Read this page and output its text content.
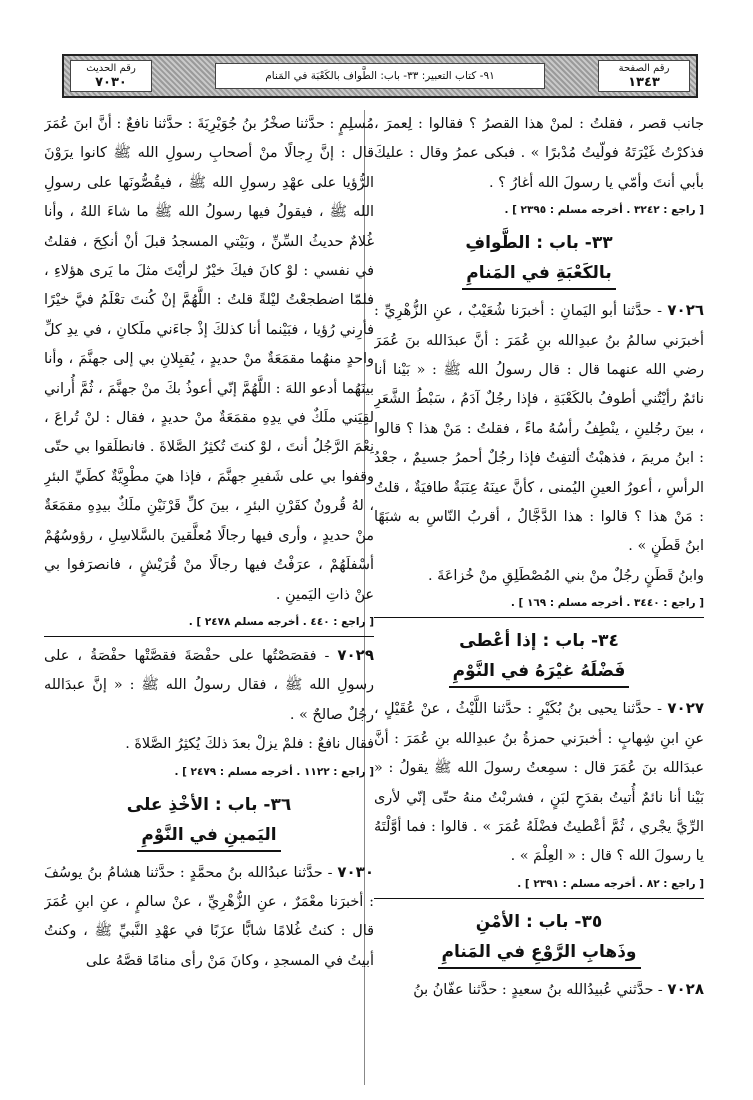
رقم الصفحة
١٣٤٣
٩١- كتاب التعبير: ٣٣- باب: الطَّواف بالكَعْبَة في المَنام
رقم الحديث
٧٠٣٠

جانب قصر ، فقلتُ : لمنْ هذا القصرُ ؟ فقالوا : لِعمرَ ، فذكرْتُ غَيْرَتَهُ فولّيتُ مُدْبرًا » . فبكى عمرُ وقال : عليكَ بأبي أنتَ وأمّي يا رسولَ الله أغارُ ؟ .

[ راجع : ٣٢٤٢ . أخرجه مسلم : ٢٣٩٥ ] .

٣٣- باب : الطَّوافِ
بالكَعْبَةِ في المَنامِ

٧٠٢٦ - حدَّثنا أبو اليَمانِ : أخبرَنا شُعَيْبٌ ، عنِ الزُّهْرِيِّ : أخبرَني سالمُ بنُ عبدِالله بنِ عُمَرَ : أنَّ عبدَالله بنَ عُمَرَ رضي الله عنهما قال : قال رسولُ الله ﷺ : « بَيْنا أنا نائمٌ رأيْتُني أطوفُ بالكَعْبَةِ ، فإذا رجُلٌ آدَمُ ، سَبْطُ الشَّعَرِ ، بينَ رجُلينِ ، ينْطِفُ رأسُهُ ماءً ، فقلتُ : مَنْ هذا ؟ قالوا : ابنُ مريمَ ، فذهبْتُ ألتفِتُ فإذا رجُلٌ أحمرُ جسيمٌ ، جعْدُ الرأسِ ، أعورُ العينِ اليُمنى ، كأنَّ عينَهُ عِنَبَةٌ طافيَةٌ ، قلتُ : مَنْ هذا ؟ قالوا : هذا الدَّجَّالُ ، أقربُ النّاسِ به شبَهًا ابنُ قَطَنٍ » .

وابنُ قَطَنٍ رجُلٌ منْ بني المُصْطَلِقِ منْ خُزاعَةَ .

[ راجع : ٣٤٤٠ . أخرجه مسلم : ١٦٩ ] .

٣٤- باب : إذا أعْطى
فَضْلَهُ غيْرَهُ في النَّوْمِ

٧٠٢٧ - حدَّثنا يحيى بنُ بُكَيْرٍ : حدَّثنا اللَّيْثُ ، عنْ عُقَيْلٍ ، عنِ ابنِ شِهابٍ : أخبرَني حمزةُ بنُ عبدِالله بنِ عُمَرَ : أنَّ عبدَالله بنَ عُمَرَ قال : سمِعتُ رسولَ الله ﷺ يقولُ : « بَيْنا أنا نائمٌ أُتيتُ بقدَحِ لبَنٍ ، فشربْتُ منهُ حتّى إنّي لأرى الرِّيَّ يجْري ، ثُمَّ أعْطيتُ فضْلَهُ عُمَرَ » . قالوا : فما أوَّلْتَهُ يا رسولَ الله ؟ قال : « العِلْمَ » .

[ راجع : ٨٢ . أخرجه مسلم : ٢٣٩١ ] .

٣٥- باب : الأمْنِ
وذَهابِ الرَّوْعِ في المَنامِ

٧٠٢٨ - حدَّثني عُبيدُالله بنُ سعيدٍ : حدَّثنا عفّانُ بنُ

مُسلِمٍ : حدَّثنا صخْرُ بنُ جُوَيْرِيَةَ : حدَّثنا نافعٌ : أنَّ ابنَ عُمَرَ قال : إنَّ رِجالًا منْ أصحابِ رسولِ الله ﷺ كانوا يرَوْنَ الرُّؤيا على عهْدِ رسولِ الله ﷺ ، فيقُصُّونَها على رسولِ الله ﷺ ، فيقولُ فيها رسولُ الله ﷺ ما شاءَ اللهُ ، وأنا غُلامٌ حديثُ السِّنِّ ، وبَيْتي المسجدُ قبلَ أنْ أنكِحَ ، فقلتُ في نفسي : لوْ كانَ فيكَ خيْرٌ لرأيْتَ مثلَ ما يَرى هؤلاءِ ، فلمّا اضطجعْتُ ليْلةً قلتُ : اللَّهُمَّ إنْ كُنتَ تعْلَمُ فيَّ خيْرًا فأرِني رُؤيا ، فبَيْنما أنا كذلكَ إذْ جاءَني ملَكانِ ، في يدِ كلِّ واحدٍ منهُما مقمَعَةٌ منْ حديدٍ ، يُقبِلانِ بي إلى جهنَّمَ ، وأنا بينَهُما أدعو اللهَ : اللَّهُمَّ إنّي أعوذُ بكَ منْ جهنَّمَ ، ثُمَّ أُراني لقِيَني ملَكٌ في يدِهِ مقمَعَةٌ منْ حديدٍ ، فقال : لنْ تُراعَ ، نِعْمَ الرَّجُلُ أنتَ ، لوْ كنتَ تُكثِرُ الصَّلاةَ . فانطلَقوا بي حتّى وقفوا بي على شَفيرِ جهنَّمَ ، فإذا هيَ مطْوِيَّةٌ كطَيِّ البئرِ ، لهُ قُرونٌ كقَرْنِ البئرِ ، بينَ كلِّ قَرْنَيْنِ ملَكٌ بيدِهِ مقمَعَةٌ منْ حديدٍ ، وأرى فيها رجالًا مُعلَّقينَ بالسَّلاسِلِ ، رؤوسُهُمْ أسْفلَهُمْ ، عرَفْتُ فيها رجالًا منْ قُرَيْشٍ ، فانصرَفوا بي عنْ ذاتِ اليَمينِ .

[ راجع : ٤٤٠ . أخرجه مسلم ٢٤٧٨ ] .

٧٠٢٩ - فقصَصْتُها على حفْصَةَ فقصَّتْها حفْصَةُ ، على رسولِ الله ﷺ ، فقال رسولُ الله ﷺ : « إنَّ عبدَالله رجُلٌ صالحٌ » .

فقال نافعٌ : فلمْ يزلْ بعدَ ذلكَ يُكثِرُ الصَّلاةَ .

[ راجع : ١١٢٢ . أخرجه مسلم : ٢٤٧٩ ] .

٣٦- باب : الأخْذِ على
اليَمينِ في النَّوْمِ

٧٠٣٠ - حدَّثنا عبدُالله بنُ محمَّدٍ : حدَّثنا هشامُ بنُ يوسُفَ : أخبرَنا معْمَرٌ ، عنِ الزُّهْرِيِّ ، عنْ سالمٍ ، عنِ ابنِ عُمَرَ قال : كنتُ غُلامًا شابًّا عزَبًا في عهْدِ النَّبيِّ ﷺ ، وكنتُ أبيتُ في المسجدِ ، وكانَ مَنْ رأى منامًا قصَّهُ على
